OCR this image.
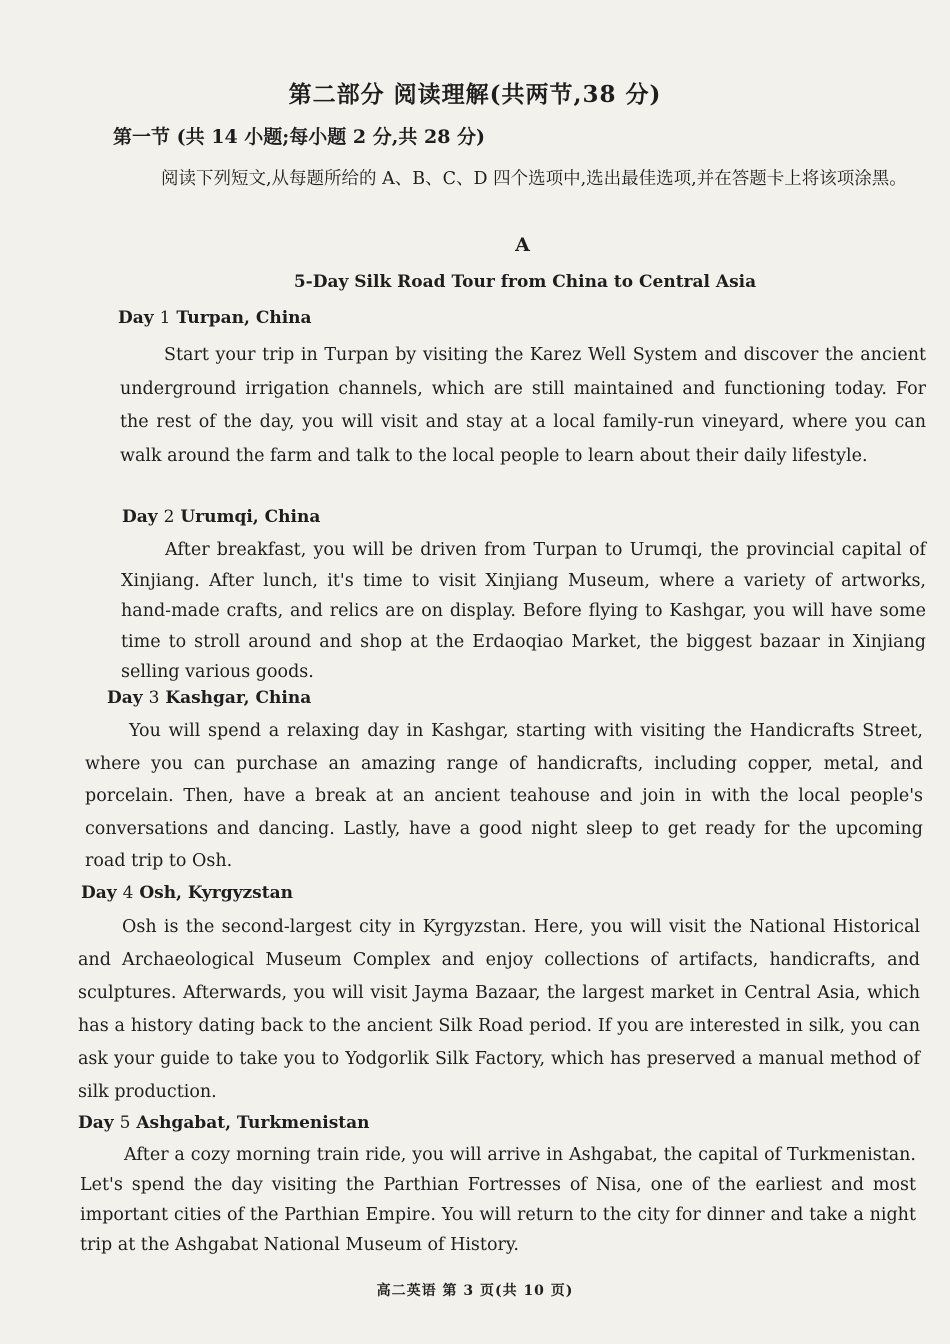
第二部分 阅读理解(共两节,38 分)
第一节 (共 14 小题;每小题 2 分,共 28 分)
阅读下列短文,从每题所给的 A、B、C、D 四个选项中,选出最佳选项,并在答题卡上将该项涂黑。
A
5-Day Silk Road Tour from China to Central Asia
Day 1 Turpan, China
Start your trip in Turpan by visiting the Karez Well System and discover the ancient underground irrigation channels, which are still maintained and functioning today. For the rest of the day, you will visit and stay at a local family-run vineyard, where you can walk around the farm and talk to the local people to learn about their daily lifestyle.
Day 2 Urumqi, China
After breakfast, you will be driven from Turpan to Urumqi, the provincial capital of Xinjiang. After lunch, it's time to visit Xinjiang Museum, where a variety of artworks, hand-made crafts, and relics are on display. Before flying to Kashgar, you will have some time to stroll around and shop at the Erdaoqiao Market, the biggest bazaar in Xinjiang selling various goods.
Day 3 Kashgar, China
You will spend a relaxing day in Kashgar, starting with visiting the Handicrafts Street, where you can purchase an amazing range of handicrafts, including copper, metal, and porcelain. Then, have a break at an ancient teahouse and join in with the local people's conversations and dancing. Lastly, have a good night sleep to get ready for the upcoming road trip to Osh.
Day 4 Osh, Kyrgyzstan
Osh is the second-largest city in Kyrgyzstan. Here, you will visit the National Historical and Archaeological Museum Complex and enjoy collections of artifacts, handicrafts, and sculptures. Afterwards, you will visit Jayma Bazaar, the largest market in Central Asia, which has a history dating back to the ancient Silk Road period. If you are interested in silk, you can ask your guide to take you to Yodgorlik Silk Factory, which has preserved a manual method of silk production.
Day 5 Ashgabat, Turkmenistan
After a cozy morning train ride, you will arrive in Ashgabat, the capital of Turkmenistan. Let's spend the day visiting the Parthian Fortresses of Nisa, one of the earliest and most important cities of the Parthian Empire. You will return to the city for dinner and take a night trip at the Ashgabat National Museum of History.
高二英语 第 3 页(共 10 页)
